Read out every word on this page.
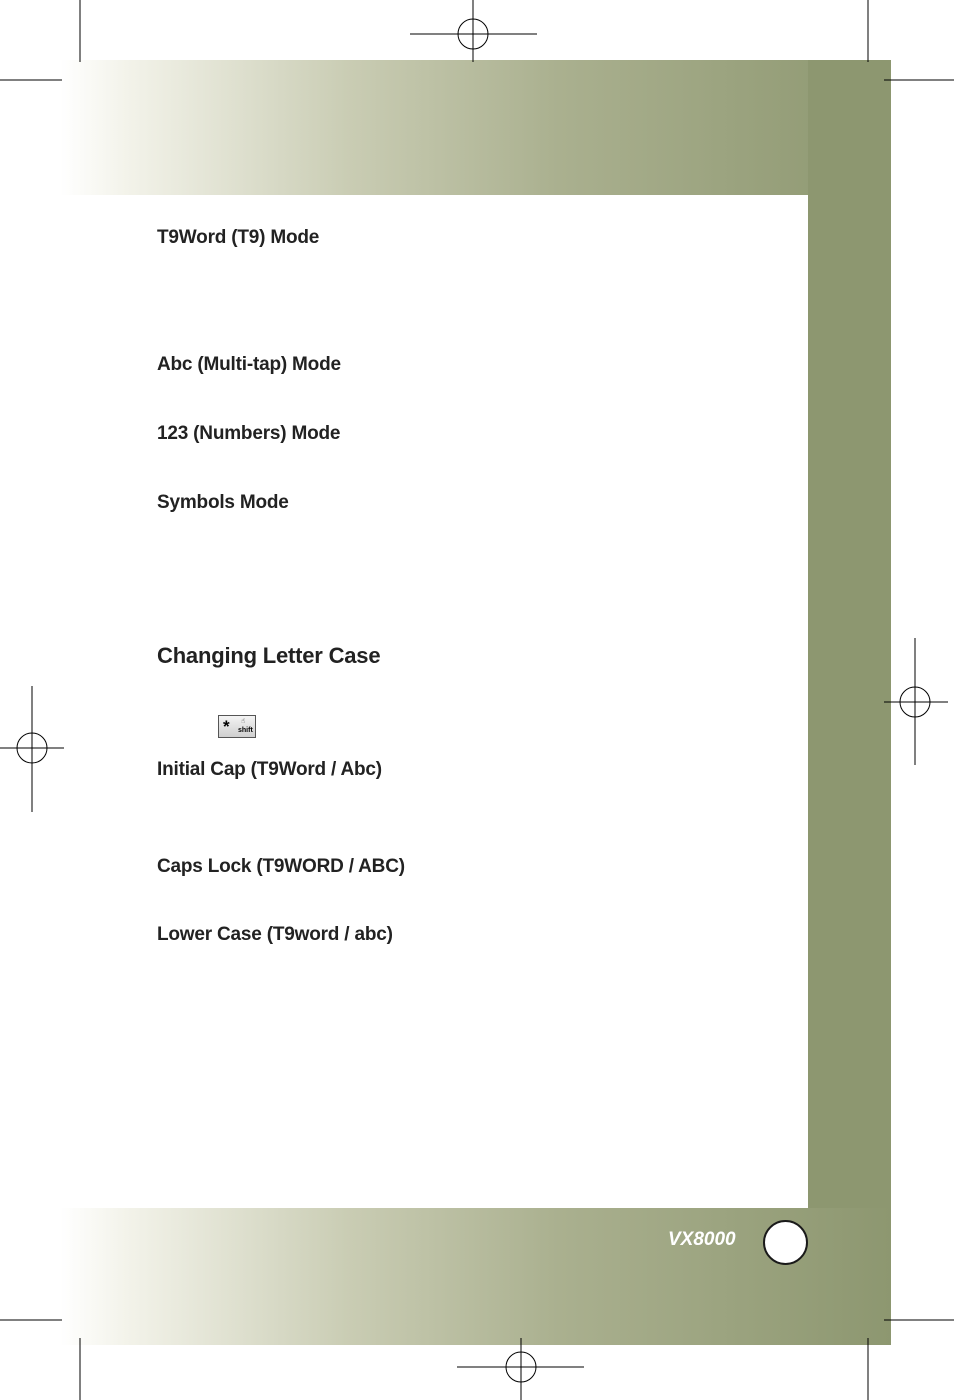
T9Word (T9) Mode
Abc (Multi-tap) Mode
123 (Numbers) Mode
Symbols Mode
Changing Letter Case
* ☝
shift
Initial Cap (T9Word / Abc)
Caps Lock (T9WORD / ABC)
Lower Case (T9word / abc)
VX8000
